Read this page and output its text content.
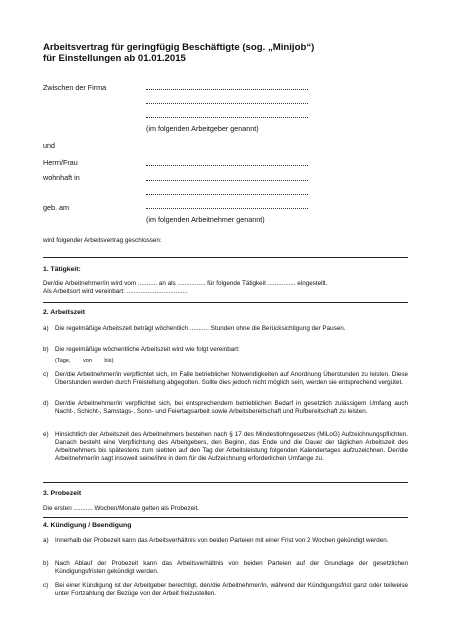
Arbeitsvertrag für geringfügig Beschäftigte (sog. „Minijob“)
für Einstellungen ab 01.01.2015
Zwischen der Firma
(im folgenden Arbeitgeber genannt)
und
Herrn/Frau
wohnhaft in
geb. am
(im folgenden Arbeitnehmer genannt)
wird folgender Arbeitsvertrag geschlossen:
1. Tätigkeit:
Der/die Arbeitnehmer/in wird vom ........... an als ................ für folgende Tätigkeit ................ eingestellt.
Als Arbeitsort wird vereinbart: ...................................
2. Arbeitszeit
a) Die regelmäßige Arbeitszeit beträgt wöchentlich ........... Stunden ohne die Berücksichtigung der Pausen.
b) Die regelmäßige wöchentliche Arbeitszeit wird wie folgt vereinbart:
(Tage,        von        bis)
c) Der/die Arbeitnehmer/in verpflichtet sich, im Falle betrieblicher Notwendigkeiten auf Anordnung Überstunden zu leisten. Diese Überstunden werden durch Freistellung abgegolten. Sollte dies jedoch nicht möglich sein, werden sie entsprechend vergütet.
d) Der/die Arbeitnehmer/in verpflichtet sich, bei entsprechendem betrieblichen Bedarf in gesetzlich zulässigem Umfang auch Nacht-, Schicht-, Samstags-, Sonn- und Feiertagsarbeit sowie Arbeitsbereitschaft und Rufbereitschaft zu leisten.
e) Hinsichtlich der Arbeitszeit des Arbeitnehmers bestehen nach § 17 des Mindestlohngesetzes (MiLoG) Aufzeichnungspflichten. Danach besteht eine Verpflichtung des Arbeitgebers, den Beginn, das Ende und die Dauer der täglichen Arbeitszeit des Arbeitnehmers bis spätestens zum siebten auf den Tag der Arbeitsleistung folgenden Kalendertages aufzuzeichnen. Der/die Arbeitnehmer/in sagt insoweit seine/ihre in dem für die Aufzeichnung erforderlichen Umfange zu.
3. Probezeit
Die ersten ........... Wochen/Monate gelten als Probezeit.
4. Kündigung / Beendigung
a) Innerhalb der Probezeit kann das Arbeitsverhältnis von beiden Parteien mit einer Frist von 2 Wochen gekündigt werden.
b) Nach Ablauf der Probezeit kann das Arbeitsverhältnis von beiden Parteien auf der Grundlage der gesetzlichen Kündigungsfristen gekündigt werden.
c) Bei einer Kündigung ist der Arbeitgeber berechtigt, den/die Arbeitnehmer/in, während der Kündigungsfrist ganz oder teilweise unter Fortzahlung der Bezüge von der Arbeit freizustellen.
